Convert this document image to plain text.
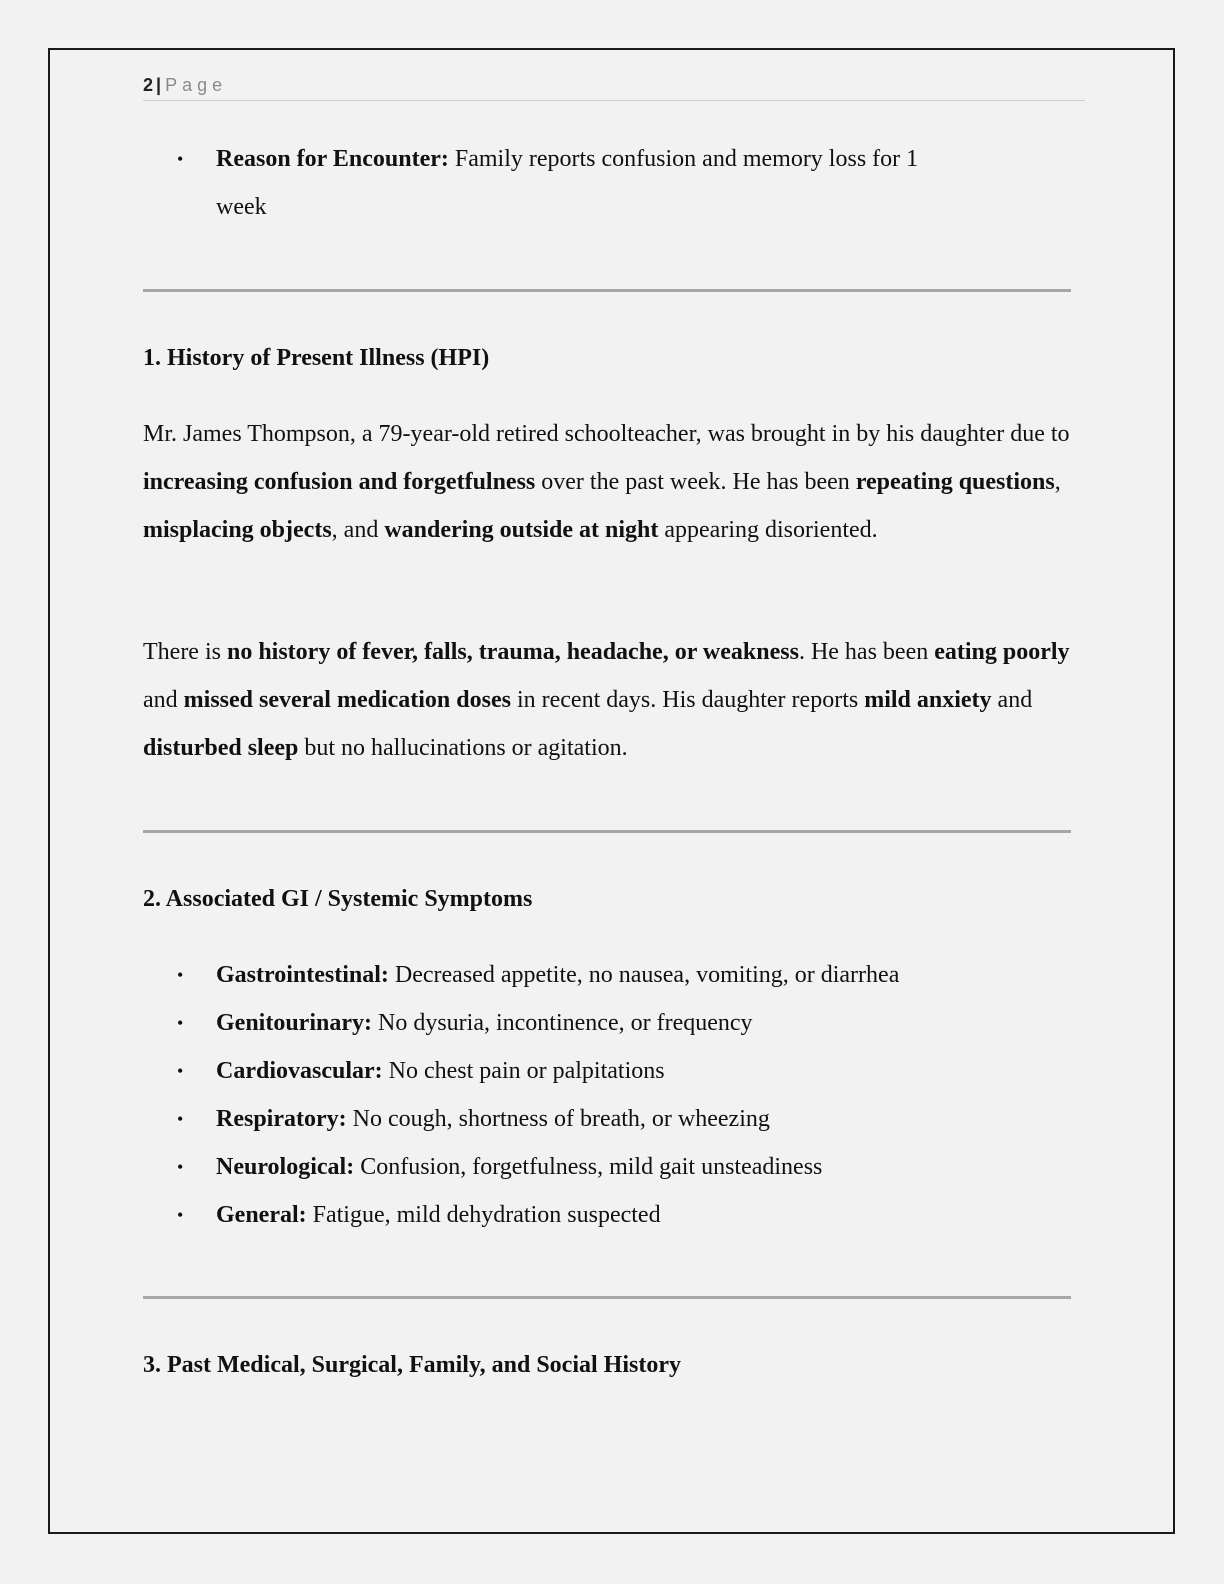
2 | Page
• Reason for Encounter: Family reports confusion and memory loss for 1
week
1. History of Present Illness (HPI)

Mr. James Thompson, a 79-year-old retired schoolteacher, was brought in by his daughter due to increasing confusion and forgetfulness over the past week. He has been repeating questions, misplacing objects, and wandering outside at night appearing disoriented.

There is no history of fever, falls, trauma, headache, or weakness. He has been eating poorly and missed several medication doses in recent days. His daughter reports mild anxiety and disturbed sleep but no hallucinations or agitation.

2. Associated GI / Systemic Symptoms
• Gastrointestinal: Decreased appetite, no nausea, vomiting, or diarrhea
• Genitourinary: No dysuria, incontinence, or frequency
• Cardiovascular: No chest pain or palpitations
• Respiratory: No cough, shortness of breath, or wheezing
• Neurological: Confusion, forgetfulness, mild gait unsteadiness
• General: Fatigue, mild dehydration suspected
3. Past Medical, Surgical, Family, and Social History
